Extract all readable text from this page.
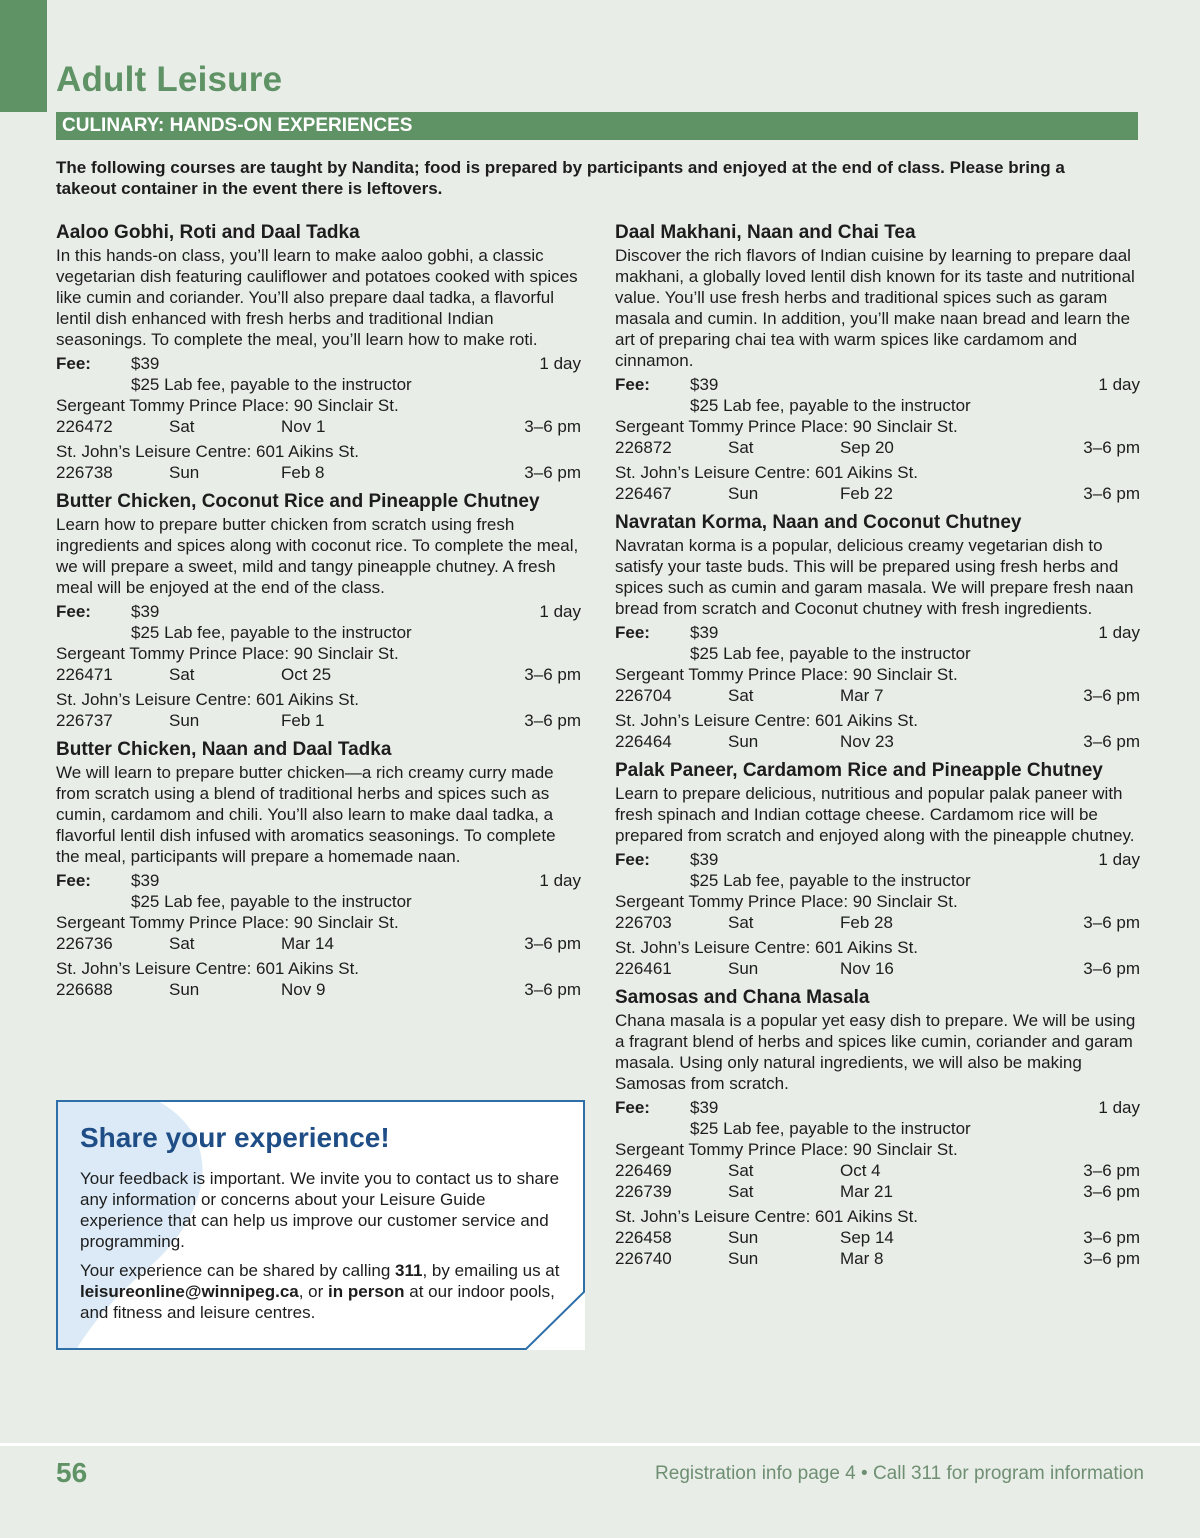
Adult Leisure
CULINARY: HANDS-ON EXPERIENCES

The following courses are taught by Nandita; food is prepared by participants and enjoyed at the end of class. Please bring a takeout container in the event there is leftovers.

Aaloo Gobhi, Roti and Daal Tadka
In this hands-on class, you’ll learn to make aaloo gobhi, a classic vegetarian dish featuring cauliflower and potatoes cooked with spices like cumin and coriander. You’ll also prepare daal tadka, a flavorful lentil dish enhanced with fresh herbs and traditional Indian seasonings. To complete the meal, you’ll learn how to make roti.
Fee: $39	1 day
$25 Lab fee, payable to the instructor
Sergeant Tommy Prince Place: 90 Sinclair St.
226472	Sat	Nov 1	3–6 pm
St. John’s Leisure Centre: 601 Aikins St.
226738	Sun	Feb 8	3–6 pm
Butter Chicken, Coconut Rice and Pineapple Chutney
Learn how to prepare butter chicken from scratch using fresh ingredients and spices along with coconut rice. To complete the meal, we will prepare a sweet, mild and tangy pineapple chutney. A fresh meal will be enjoyed at the end of the class.
Fee: $39	1 day
$25 Lab fee, payable to the instructor
Sergeant Tommy Prince Place: 90 Sinclair St.
226471	Sat	Oct 25	3–6 pm
St. John’s Leisure Centre: 601 Aikins St.
226737	Sun	Feb 1	3–6 pm
Butter Chicken, Naan and Daal Tadka
We will learn to prepare butter chicken—a rich creamy curry made from scratch using a blend of traditional herbs and spices such as cumin, cardamom and chili. You’ll also learn to make daal tadka, a flavorful lentil dish infused with aromatics seasonings. To complete the meal, participants will prepare a homemade naan.
Fee: $39	1 day
$25 Lab fee, payable to the instructor
Sergeant Tommy Prince Place: 90 Sinclair St.
226736	Sat	Mar 14	3–6 pm
St. John’s Leisure Centre: 601 Aikins St.
226688	Sun	Nov 9	3–6 pm
Daal Makhani, Naan and Chai Tea
Discover the rich flavors of Indian cuisine by learning to prepare daal makhani, a globally loved lentil dish known for its taste and nutritional value. You’ll use fresh herbs and traditional spices such as garam masala and cumin. In addition, you’ll make naan bread and learn the art of preparing chai tea with warm spices like cardamom and cinnamon.
Fee: $39	1 day
$25 Lab fee, payable to the instructor
Sergeant Tommy Prince Place: 90 Sinclair St.
226872	Sat	Sep 20	3–6 pm
St. John’s Leisure Centre: 601 Aikins St.
226467	Sun	Feb 22	3–6 pm
Navratan Korma, Naan and Coconut Chutney
Navratan korma is a popular, delicious creamy vegetarian dish to satisfy your taste buds. This will be prepared using fresh herbs and spices such as cumin and garam masala. We will prepare fresh naan bread from scratch and Coconut chutney with fresh ingredients.
Fee: $39	1 day
$25 Lab fee, payable to the instructor
Sergeant Tommy Prince Place: 90 Sinclair St.
226704	Sat	Mar 7	3–6 pm
St. John’s Leisure Centre: 601 Aikins St.
226464	Sun	Nov 23	3–6 pm
Palak Paneer, Cardamom Rice and Pineapple Chutney
Learn to prepare delicious, nutritious and popular palak paneer with fresh spinach and Indian cottage cheese. Cardamom rice will be prepared from scratch and enjoyed along with the pineapple chutney.
Fee: $39	1 day
$25 Lab fee, payable to the instructor
Sergeant Tommy Prince Place: 90 Sinclair St.
226703	Sat	Feb 28	3–6 pm
St. John’s Leisure Centre: 601 Aikins St.
226461	Sun	Nov 16	3–6 pm
Samosas and Chana Masala
Chana masala is a popular yet easy dish to prepare. We will be using a fragrant blend of herbs and spices like cumin, coriander and garam masala. Using only natural ingredients, we will also be making Samosas from scratch.
Fee: $39	1 day
$25 Lab fee, payable to the instructor
Sergeant Tommy Prince Place: 90 Sinclair St.
226469	Sat	Oct 4	3–6 pm
226739	Sat	Mar 21	3–6 pm
St. John’s Leisure Centre: 601 Aikins St.
226458	Sun	Sep 14	3–6 pm
226740	Sun	Mar 8	3–6 pm
Share your experience!

Your feedback is important. We invite you to contact us to share any information or concerns about your Leisure Guide experience that can help us improve our customer service and programming.

Your experience can be shared by calling 311, by emailing us at leisureonline@winnipeg.ca, or in person at our indoor pools, and fitness and leisure centres.

56	Registration info page 4 • Call 311 for program information
